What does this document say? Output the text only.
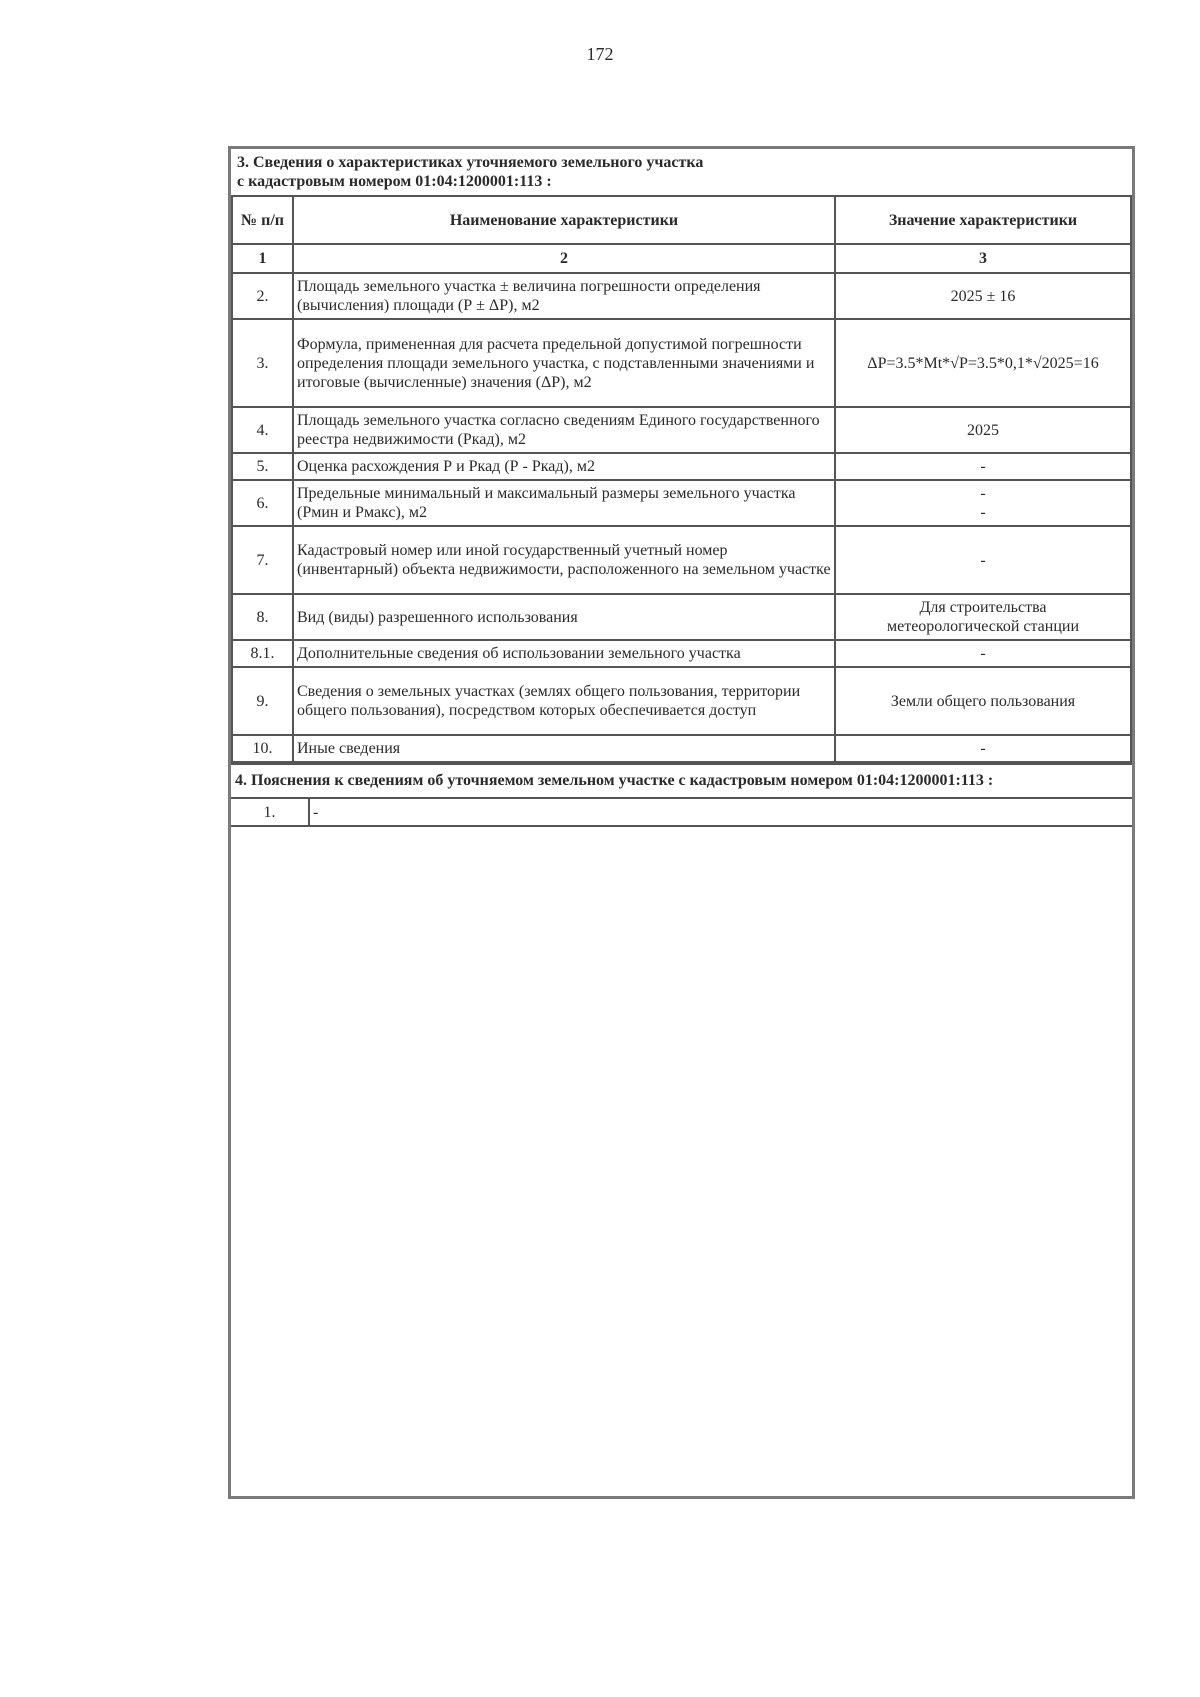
172
3. Сведения о характеристиках уточняемого земельного участка
с кадастровым номером 01:04:1200001:113 :		

№ п/п	Наименование характеристики	Значение характеристики
1	2	3
2.	Площадь земельного участка ± величина погрешности определения (вычисления) площади (Р ± ΔР), м2	2025 ± 16
3.	Формула, примененная для расчета предельной допустимой погрешности определения площади земельного участка, с подставленными значениями и итоговые (вычисленные) значения (ΔР), м2	ΔР=3.5*Мt*√Р=3.5*0,1*√2025=16
4.	Площадь земельного участка согласно сведениям Единого государственного реестра недвижимости (Ркад), м2	2025
5.	Оценка расхождения Р и Ркад (Р - Ркад), м2	-
6.	Предельные минимальный и максимальный размеры земельного участка (Рмин и Рмакс), м2	-
-

7.	Кадастровый номер или иной государственный учетный номер (инвентарный) объекта недвижимости, расположенного на земельном участке	-
8.	Вид (виды) разрешенного использования	Для строительства
метеорологической станции

8.1.	Дополнительные сведения об использовании земельного участка	-
9.	Сведения о земельных участках (землях общего пользования, территории общего пользования), посредством которых обеспечивается доступ	Земли общего пользования
10.	Иные сведения	-
4. Пояснения к сведениям об уточняемом земельном участке с кадастровым номером 01:04:1200001:113 :
1.	-
